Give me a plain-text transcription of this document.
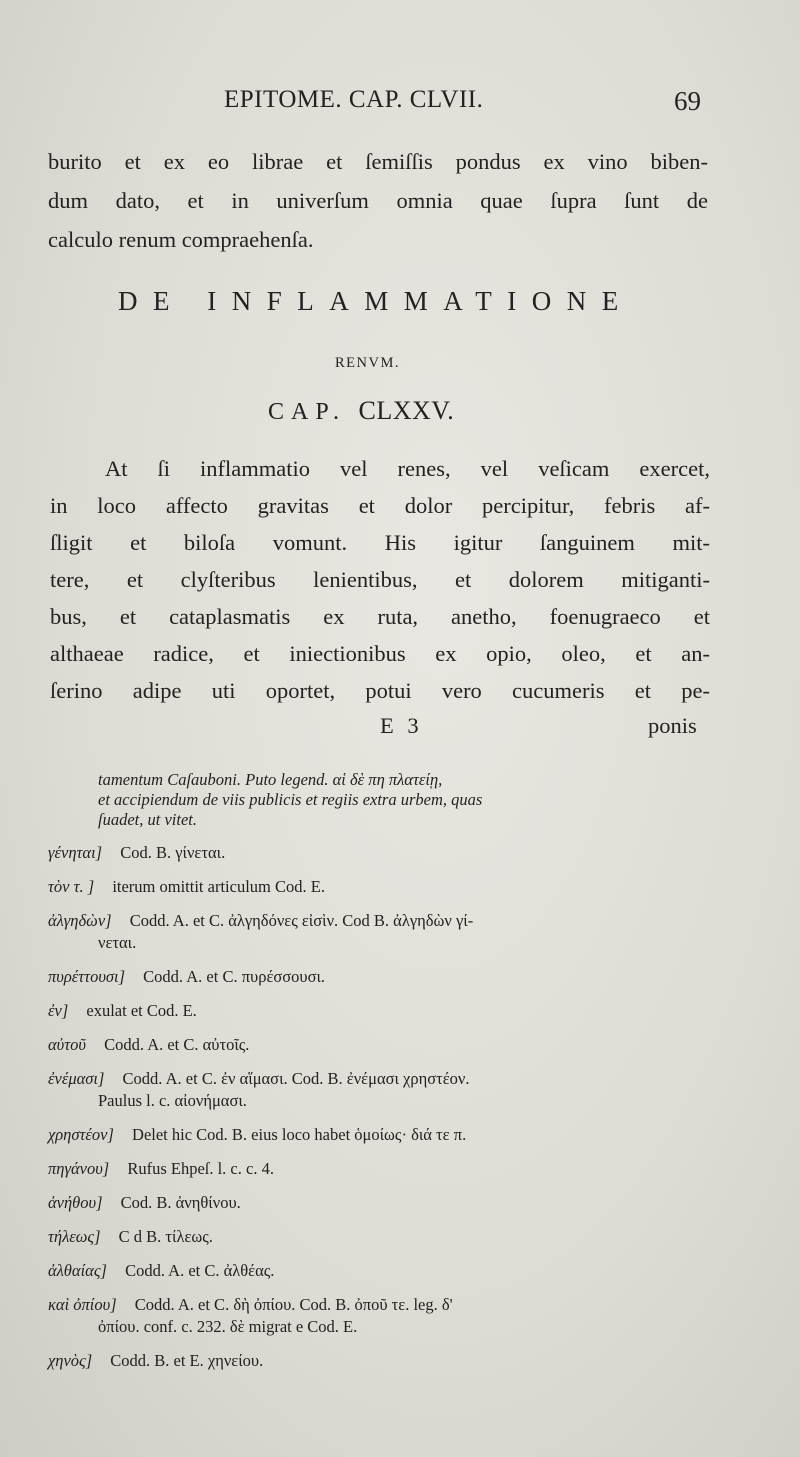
EPITOME. CAP. CLVII.	69
burito et ex eo librae et ſemiſſis pondus ex vino biben-
dum dato, et in univerſum omnia quae ſupra ſunt de
calculo renum compraehenſa.
DE INFLAMMATIONE
RENVM.
CAP. CLXXV.
At ſi inflammatio vel renes, vel veſicam exercet,
in loco affecto gravitas et dolor percipitur, febris af-
ſligit et biloſa vomunt. His igitur ſanguinem mit-
tere, et clyſteribus lenientibus, et dolorem mitiganti-
bus, et cataplasmatis ex ruta, anetho, foenugraeco et
althaeae radice, et iniectionibus ex opio, oleo, et an-
ſerino adipe uti oportet, potui vero cucumeris et pe-
E 3	ponis
tamentum Caſauboni. Puto legend. αἱ δὲ πη πλατείῃ,
et accipiendum de viis publicis et regiis extra urbem, quas
ſuadet, ut vitet.
γένηται] Cod. B. γίνεται.
τὸν τ. ] iterum omittit articulum Cod. E.
ἀλγηδὼν] Codd. A. et C. ἀλγηδόνες εἰσὶν. Cod B. ἀλγηδὼν γί-
νεται.
πυρέττουσι] Codd. A. et C. πυρέσσουσι.
ἐν] exulat et Cod. E.
αὐτοῦ Codd. A. et C. αὐτοῖς.
ἐνέμασι] Codd. A. et C. ἐν αἵμασι. Cod. B. ἐνέμασι χρηστέον.
Paulus l. c. αἰονήμασι.
χρηστέον] Delet hic Cod. B. eius loco habet ὁμοίως· διά τε π.
πηγάνου] Rufus Ehpeſ. l. c. c. 4.
ἀνήθου] Cod. B. ἀνηθίνου.
τήλεως] C d B. τίλεως.
ἀλθαίας] Codd. A. et C. ἀλθέας.
καὶ ὀπίου] Codd. A. et C. δὴ ὀπίου. Cod. B. ὀποῦ τε. leg. δ'
ὀπίου. conf. c. 232. δὲ migrat e Cod. E.
χηνὸς] Codd. B. et E. χηνείου.
